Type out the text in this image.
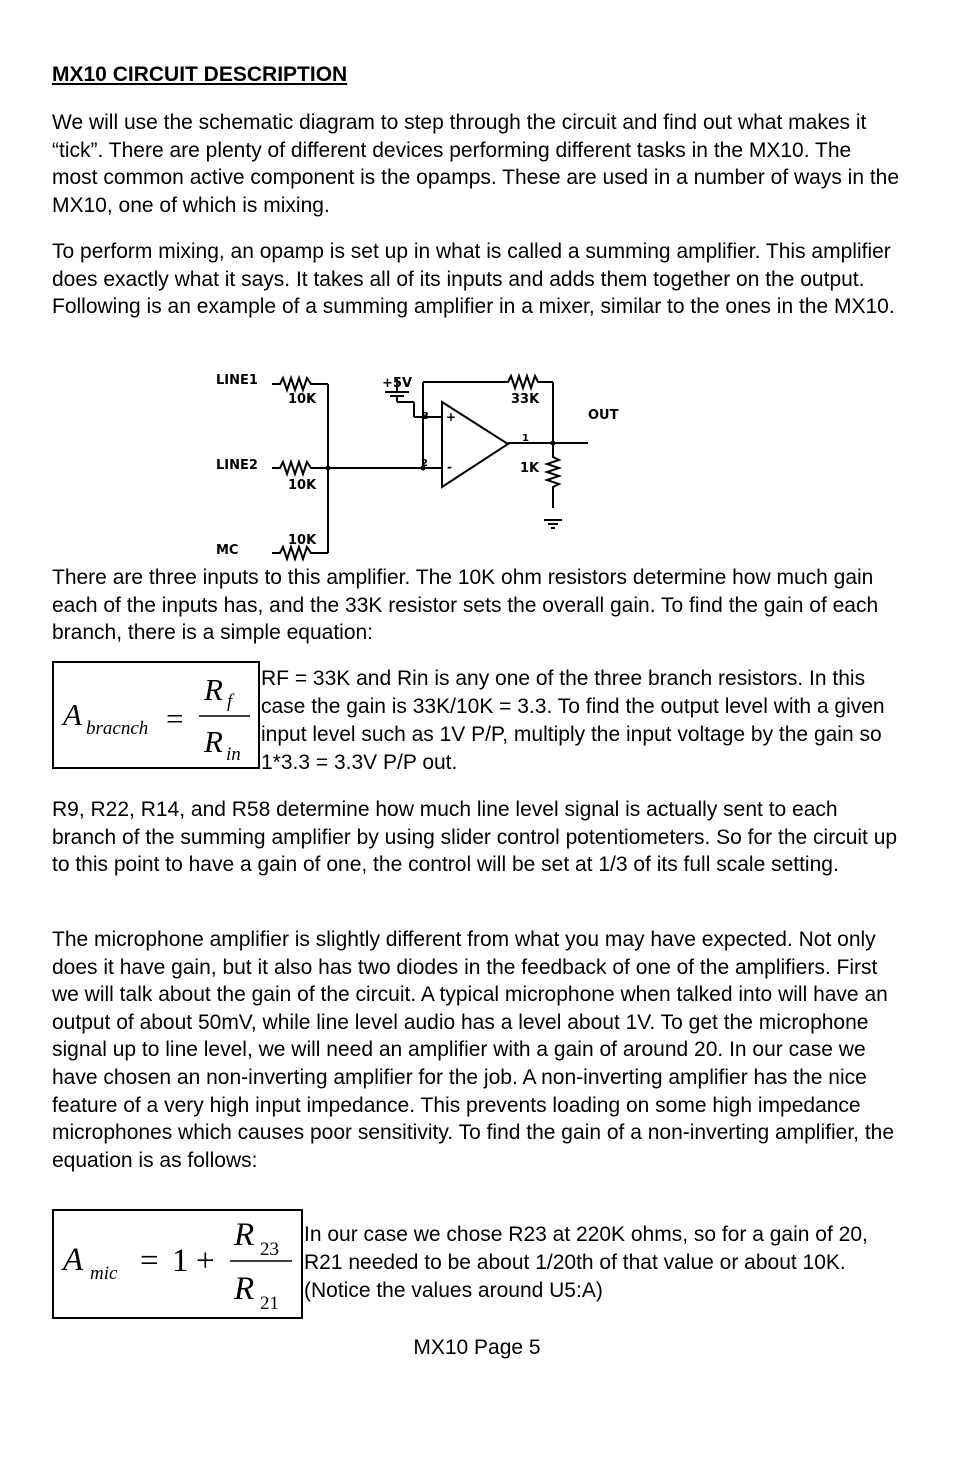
MX10 CIRCUIT DESCRIPTION

We will use the schematic diagram to step through the circuit and find out what makes it “tick”. There are plenty of different devices performing different tasks in the MX10. The most common active component is the opamps. These are used in a number of ways in the MX10, one of which is mixing.

To perform mixing, an opamp is set up in what is called a summing amplifier. This amplifier does exactly what it says. It takes all of its inputs and adds them together on the output. Following is an example of a summing amplifier in a mixer, similar to the ones in the MX10.

LINE1
10K
LINE2
10K
MC
10K
+5V
33K
OUT
1K
3
2
1
+
-

There are three inputs to this amplifier. The 10K ohm resistors determine how much gain each of the inputs has, and the 33K resistor sets the overall gain. To find the gain of each branch, there is a simple equation:

A bracnch =
R f
R in

RF = 33K and Rin is any one of the three branch resistors. In this case the gain is 33K/10K = 3.3. To find the output level with a given input level such as 1V P/P, multiply the input voltage by the gain so 1*3.3 = 3.3V P/P out.

R9, R22, R14, and R58 determine how much line level signal is actually sent to each branch of the summing amplifier by using slider control potentiometers. So for the circuit up to this point to have a gain of one, the control will be set at 1/3 of its full scale setting.

The microphone amplifier is slightly different from what you may have expected. Not only does it have gain, but it also has two diodes in the feedback of one of the amplifiers. First we will talk about the gain of the circuit. A typical microphone when talked into will have an output of about 50mV, while line level audio has a level about 1V. To get the microphone signal up to line level, we will need an amplifier with a gain of around 20. In our case we have chosen an non-inverting amplifier for the job. A non-inverting amplifier has the nice feature of a very high input impedance. This prevents loading on some high impedance microphones which causes poor sensitivity. To find the gain of a non-inverting amplifier, the equation is as follows:

A mic = 1 +
R 23
R 21

In our case we chose R23 at 220K ohms, so for a gain of 20, R21 needed to be about 1/20th of that value or about 10K. (Notice the values around U5:A)

MX10 Page 5
